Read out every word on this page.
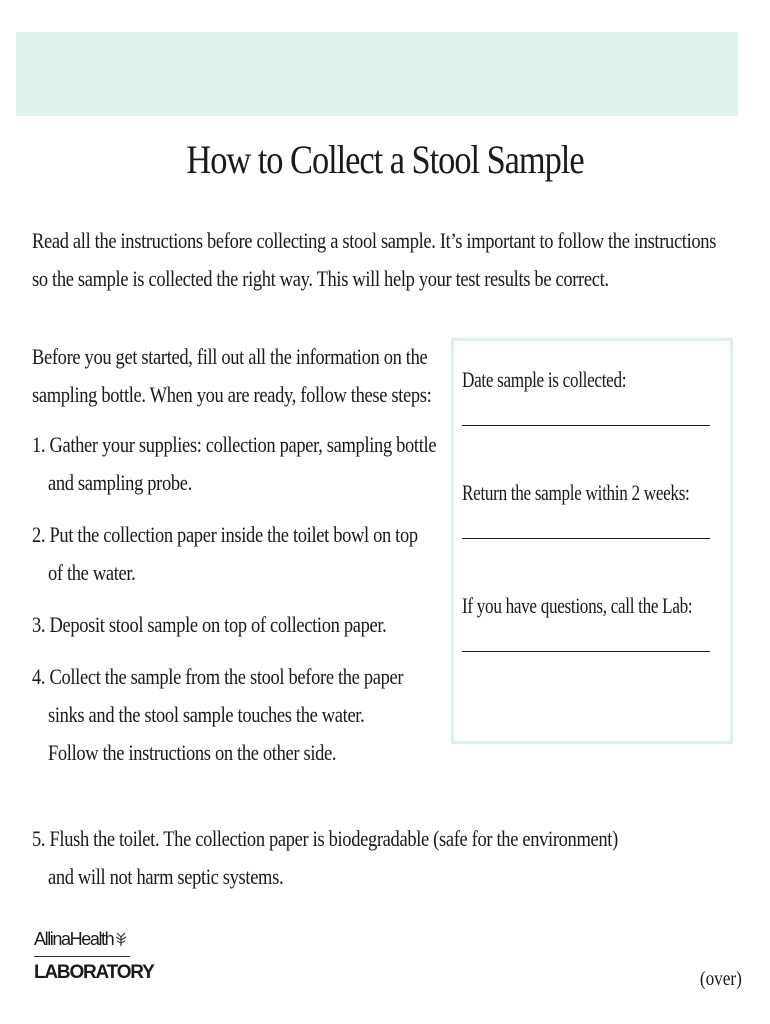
How to Collect a Stool Sample

Read all the instructions before collecting a stool sample. It’s important to follow the instructions
so the sample is collected the right way. This will help your test results be correct.

Before you get started, fill out all the information on the
sampling bottle. When you are ready, follow these steps:

1. Gather your supplies: collection paper, sampling bottle
and sampling probe.

2. Put the collection paper inside the toilet bowl on top
of the water.

3. Deposit stool sample on top of collection paper.

4. Collect the sample from the stool before the paper
sinks and the stool sample touches the water.
Follow the instructions on the other side.

5. Flush the toilet. The collection paper is biodegradable (safe for the environment)
and will not harm septic systems.

Date sample is collected:
Return the sample within 2 weeks:
If you have questions, call the Lab:
AllinaHealth
LABORATORY	(over)
